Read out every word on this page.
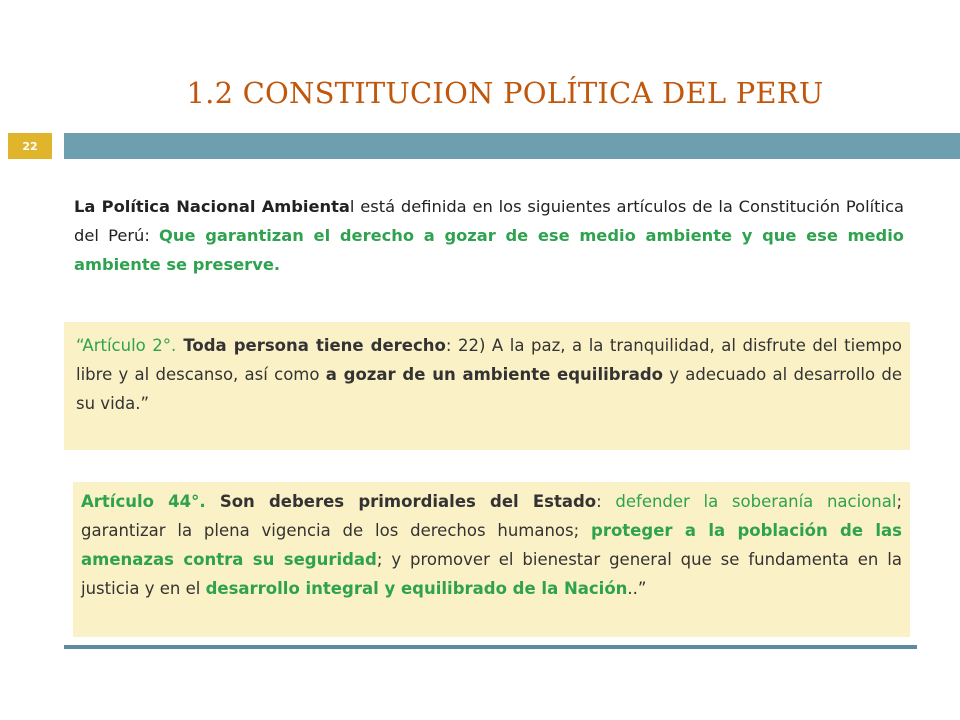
1.2 CONSTITUCION POLÍTICA DEL PERU
22
La Política Nacional Ambiental está definida en los siguientes artículos de la Constitución Política del Perú: Que garantizan el derecho a gozar de ese medio ambiente y que ese medio ambiente se preserve.
“Artículo 2°. Toda persona tiene derecho: 22) A la paz, a la tranquilidad, al disfrute del tiempo libre y al descanso, así como a gozar de un ambiente equilibrado y adecuado al desarrollo de su vida.”
Artículo 44°. Son deberes primordiales del Estado: defender la soberanía nacional; garantizar la plena vigencia de los derechos humanos; proteger a la población de las amenazas contra su seguridad; y promover el bienestar general que se fundamenta en la justicia y en el desarrollo integral y equilibrado de la Nación..”
